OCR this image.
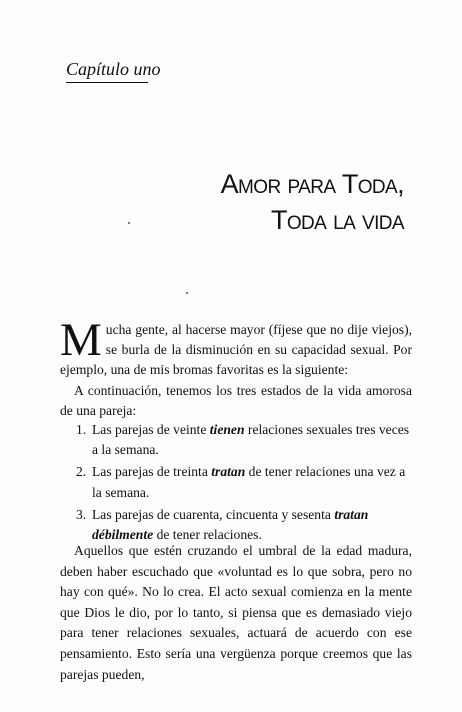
Capítulo uno
Amor para Toda,
Toda la vida

Mucha gente, al hacerse mayor (fíjese que no dije viejos), se burla de la disminución en su capacidad sexual. Por ejemplo, una de mis bromas favoritas es la siguiente:

A continuación, tenemos los tres estados de la vida amorosa de una pareja:

1. Las parejas de veinte tienen relaciones sexuales tres veces a la semana.
2. Las parejas de treinta tratan de tener relaciones una vez a la semana.
3. Las parejas de cuarenta, cincuenta y sesenta tratan débilmente de tener relaciones.

Aquellos que estén cruzando el umbral de la edad madura, deben haber escuchado que «voluntad es lo que sobra, pero no hay con qué». No lo crea. El acto sexual comienza en la mente que Dios le dio, por lo tanto, si piensa que es demasiado viejo para tener relaciones sexuales, actuará de acuerdo con ese pensamiento. Esto sería una vergüenza porque creemos que las parejas pueden,
